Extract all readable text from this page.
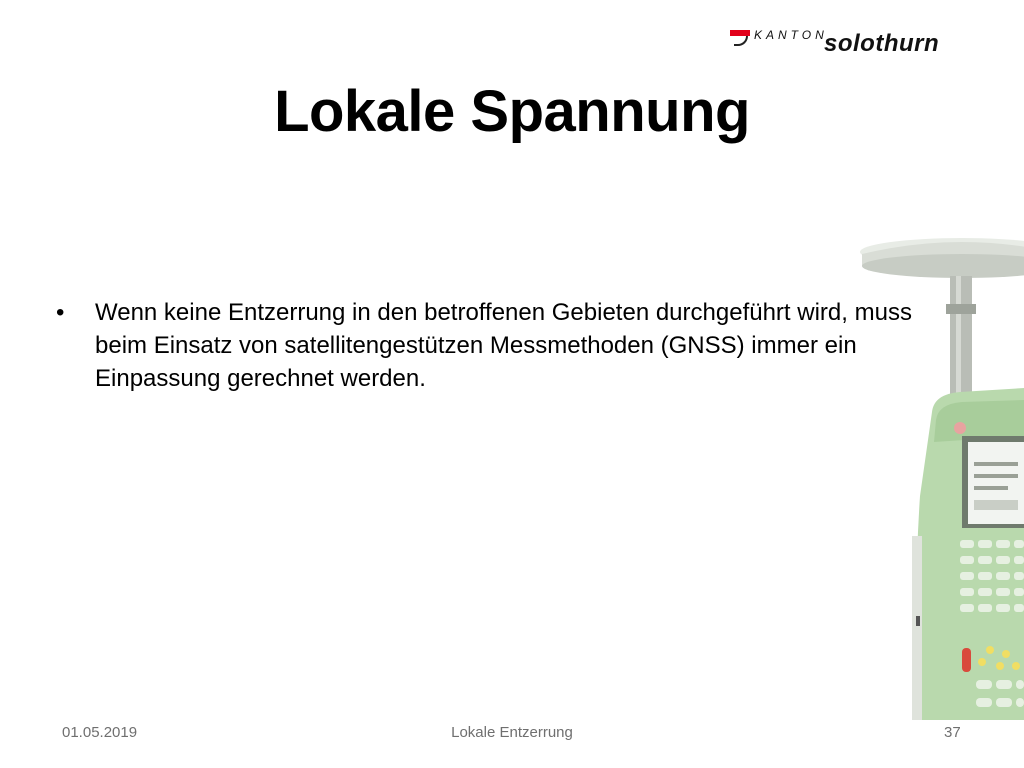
KANTON
solothurn
Lokale Spannung
• Wenn keine Entzerrung in den betroffenen Gebieten durchgeführt wird, muss beim Einsatz von satellitengestützen Messmethoden (GNSS) immer ein Einpassung gerechnet werden.
01.05.2019	Lokale Entzerrung	37
